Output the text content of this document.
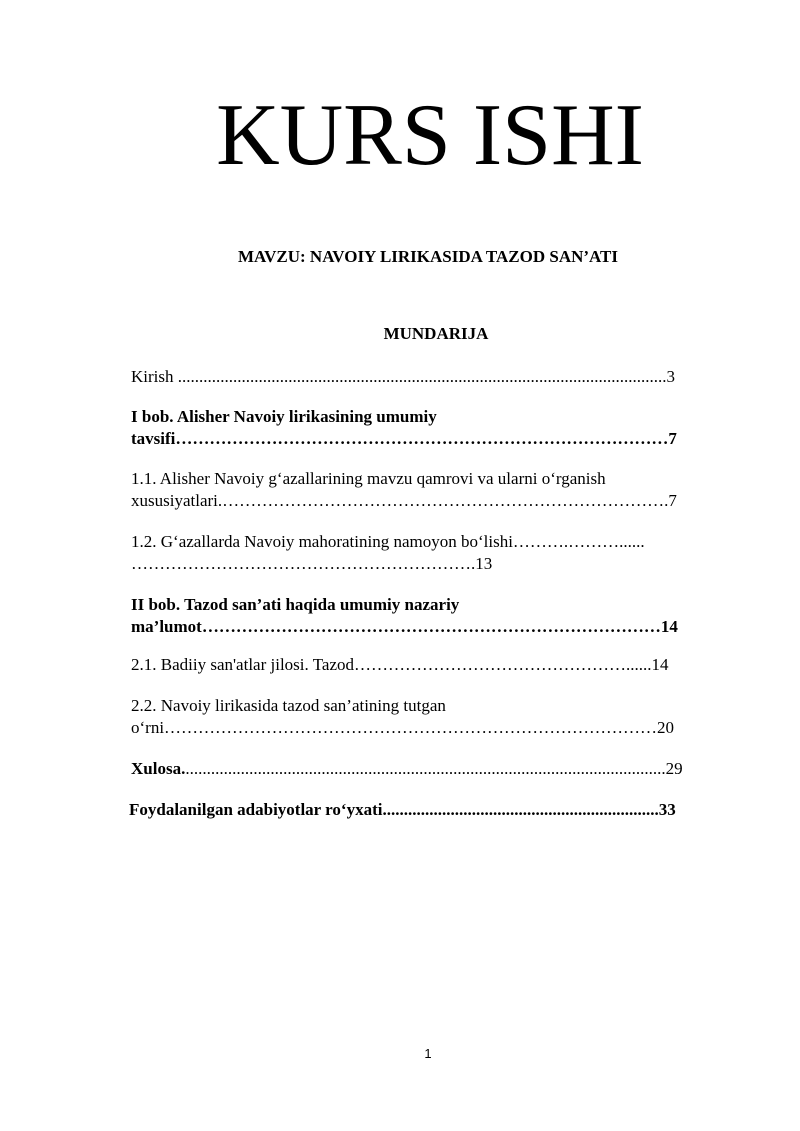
KURS ISHI
MAVZU: NAVOIY LIRIKASIDA TAZOD SAN’ATI
MUNDARIJA
Kirish ...................................................................................................................3
I bob. Alisher Navoiy lirikasining umumiy
tavsifi……………………………………………………………………………7
1.1. Alisher Navoiy g‘azallarining mavzu qamrovi va ularni o‘rganish
xususiyatlari.…………………………………………………………………….7
1.2. G‘azallarda Navoiy mahoratining namoyon bo‘lishi……….………......
…………………………………………………….13
II bob. Tazod san’ati haqida umumiy nazariy
ma’lumot………………………………………………………………………14
2.1. Badiiy san'atlar jilosi. Tazod…………………………………………......14
2.2. Navoiy lirikasida tazod san’atining tutgan
o‘rni……………………………………………………………………………20
Xulosa..................................................................................................................29
Foydalanilgan adabiyotlar ro‘yxati.................................................................33
1
